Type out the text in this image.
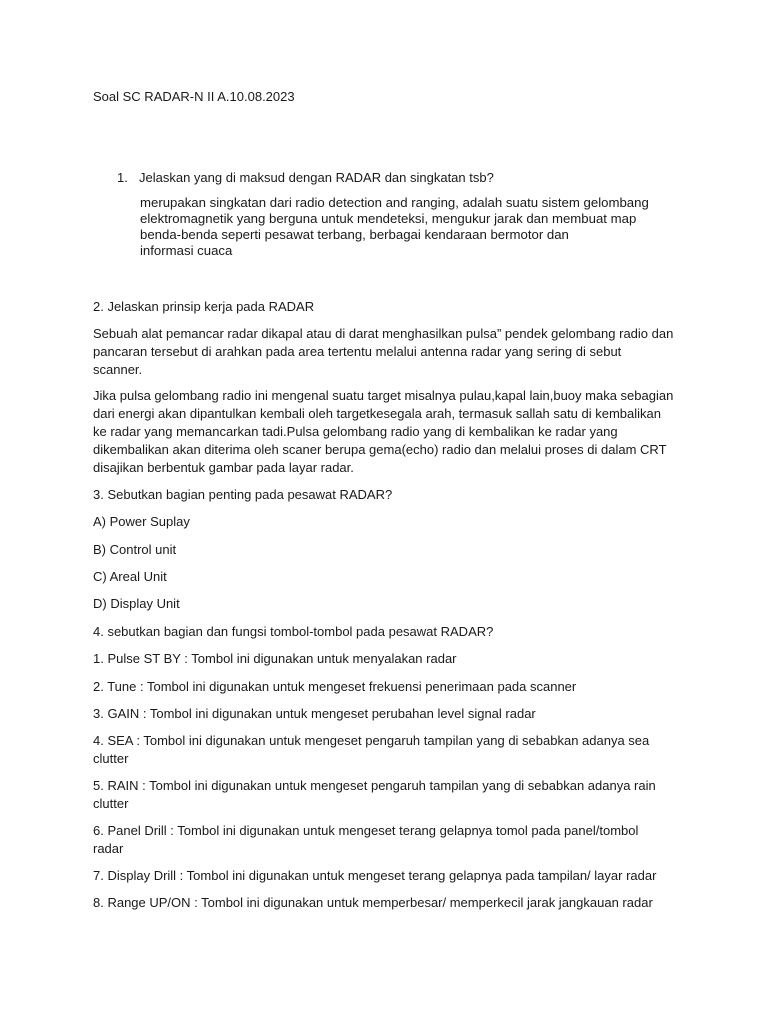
Soal SC RADAR-N II A.10.08.2023

1. Jelaskan yang di maksud dengan RADAR dan singkatan tsb?

merupakan singkatan dari radio detection and ranging, adalah suatu sistem gelombang
elektromagnetik yang berguna untuk mendeteksi, mengukur jarak dan membuat map
benda-benda seperti pesawat terbang, berbagai kendaraan bermotor dan
informasi cuaca

2. Jelaskan prinsip kerja pada RADAR

Sebuah alat pemancar radar dikapal atau di darat menghasilkan pulsa” pendek gelombang radio dan
pancaran tersebut di arahkan pada area tertentu melalui antenna radar yang sering di sebut
scanner.

Jika pulsa gelombang radio ini mengenal suatu target misalnya pulau,kapal lain,buoy maka sebagian
dari energi akan dipantulkan kembali oleh targetkesegala arah, termasuk sallah satu di kembalikan
ke radar yang memancarkan tadi.Pulsa gelombang radio yang di kembalikan ke radar yang
dikembalikan akan diterima oleh scaner berupa gema(echo) radio dan melalui proses di dalam CRT
disajikan berbentuk gambar pada layar radar.

3. Sebutkan bagian penting pada pesawat RADAR?

A) Power Suplay

B) Control unit

C) Areal Unit

D) Display Unit

4. sebutkan bagian dan fungsi tombol-tombol pada pesawat RADAR?

1. Pulse ST BY : Tombol ini digunakan untuk menyalakan radar

2. Tune : Tombol ini digunakan untuk mengeset frekuensi penerimaan pada scanner

3. GAIN : Tombol ini digunakan untuk mengeset perubahan level signal radar

4. SEA : Tombol ini digunakan untuk mengeset pengaruh tampilan yang di sebabkan adanya sea
clutter

5. RAIN : Tombol ini digunakan untuk mengeset pengaruh tampilan yang di sebabkan adanya rain
clutter

6. Panel Drill : Tombol ini digunakan untuk mengeset terang gelapnya tomol pada panel/tombol
radar

7. Display Drill : Tombol ini digunakan untuk mengeset terang gelapnya pada tampilan/ layar radar

8. Range UP/ON : Tombol ini digunakan untuk memperbesar/ memperkecil jarak jangkauan radar
